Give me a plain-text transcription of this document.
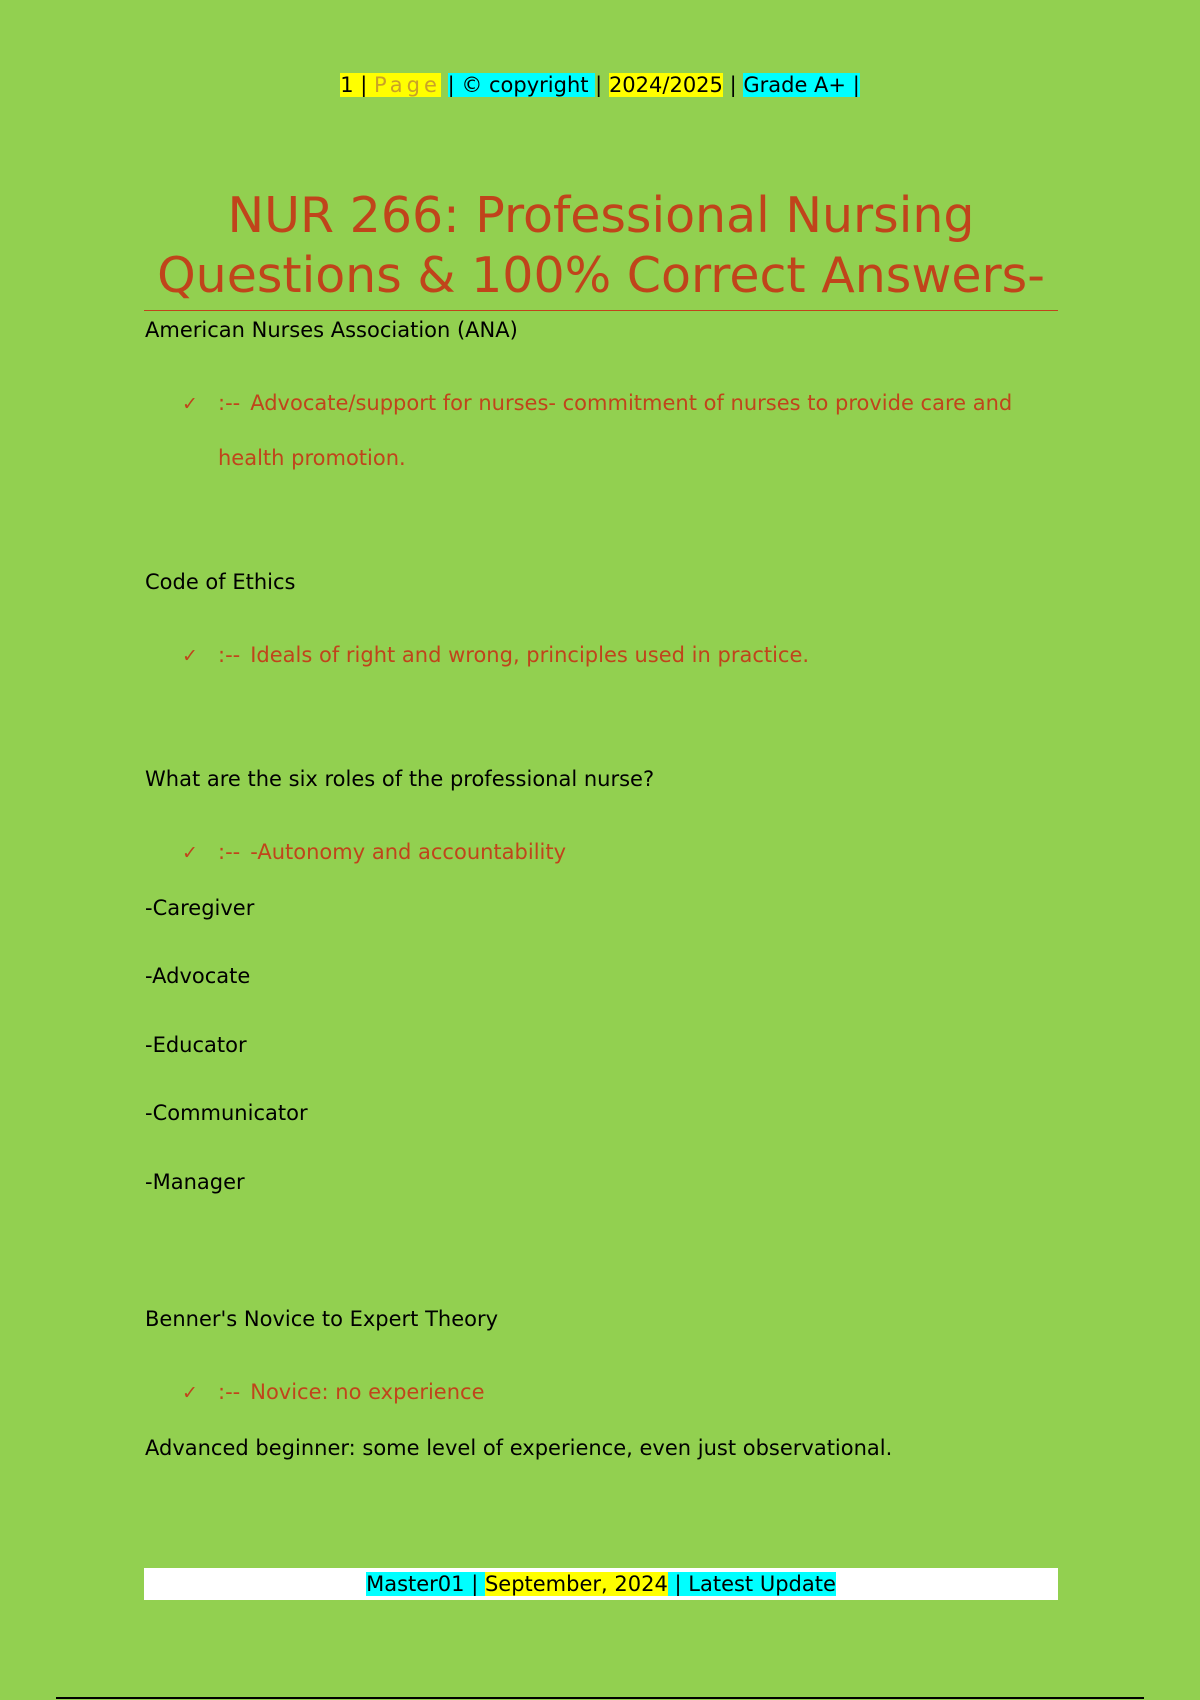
1 | Page | © copyright | 2024/2025 | Grade A+ |
NUR 266: Professional Nursing
Questions & 100% Correct Answers-
American Nurses Association (ANA)
✓ :-- Advocate/support for nurses- commitment of nurses to provide care and
health promotion.
Code of Ethics
✓ :-- Ideals of right and wrong, principles used in practice.
What are the six roles of the professional nurse?
✓ :-- -Autonomy and accountability
-Caregiver
-Advocate
-Educator
-Communicator
-Manager
Benner's Novice to Expert Theory
✓ :-- Novice: no experience
Advanced beginner: some level of experience, even just observational.
Master01 | September, 2024 | Latest Update
